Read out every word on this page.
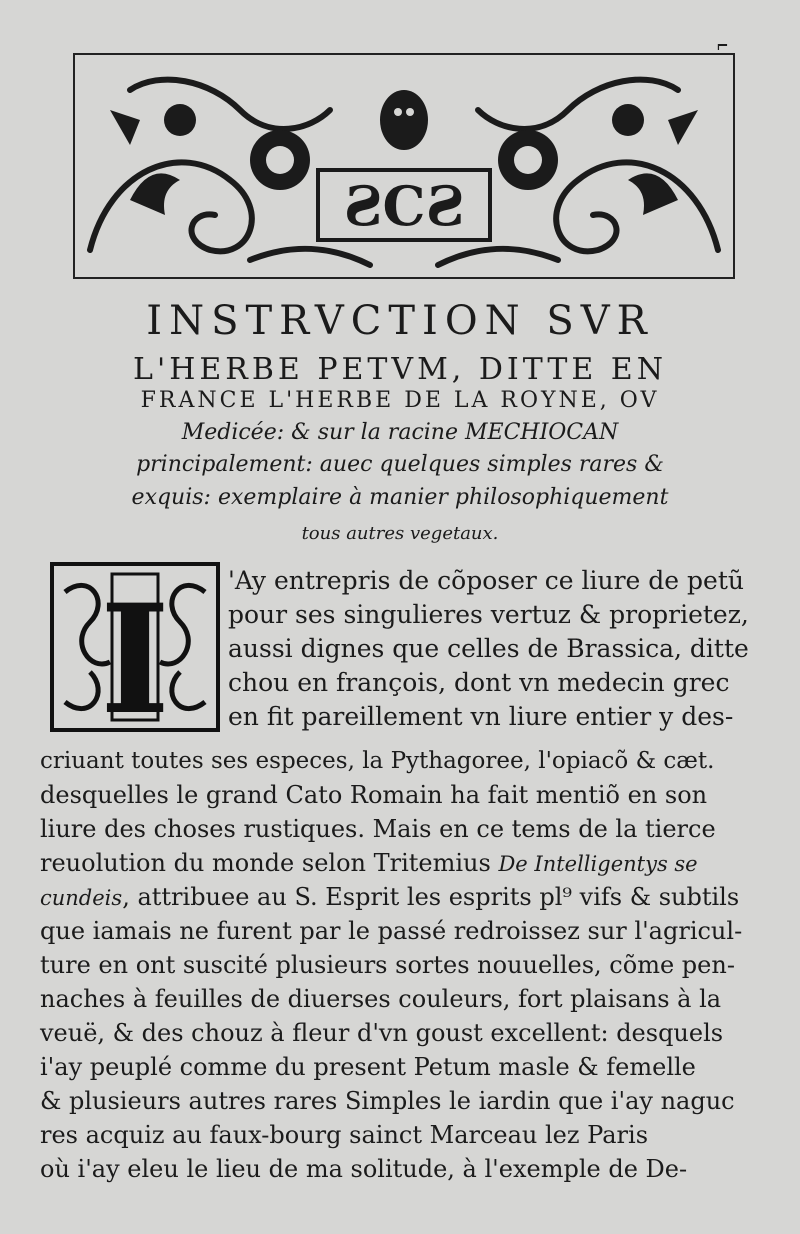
ƧCƧ
INSTRVCTION SVR
L'HERBE PETVM, DITTE EN
FRANCE L'HERBE DE LA ROYNE, OV
Medicée: & sur la racine MECHIOCAN
principalement: auec quelques simples rares &
exquis: exemplaire à manier philosophiquement
tous autres vegetaux.
I 'Ay entrepris de cõposer ce liure de petũ
pour ses singulieres vertuz & proprietez,
aussi dignes que celles de Brassica, ditte
chou en françois, dont vn medecin grec
en fit pareillement vn liure entier y des-
criuant toutes ses especes, la Pythagoree, l'opiacõ & cæt.
desquelles le grand Cato Romain ha fait mentiõ en son
liure des choses rustiques. Mais en ce tems de la tierce
reuolution du monde selon Tritemius De Intelligentys se
cundeis, attribuee au S. Esprit les esprits pl⁹ vifs & subtils
que iamais ne furent par le passé redroissez sur l'agricul-
ture en ont suscité plusieurs sortes nouuelles, cõme pen-
naches à feuilles de diuerses couleurs, fort plaisans à la
veuë, & des chouz à fleur d'vn goust excellent: desquels
i'ay peuplé comme du present Petum masle & femelle
& plusieurs autres rares Simples le iardin que i'ay naguc
res acquiz au faux-bourg sainct Marceau lez Paris
où i'ay eleu le lieu de ma solitude, à l'exemple de De-
